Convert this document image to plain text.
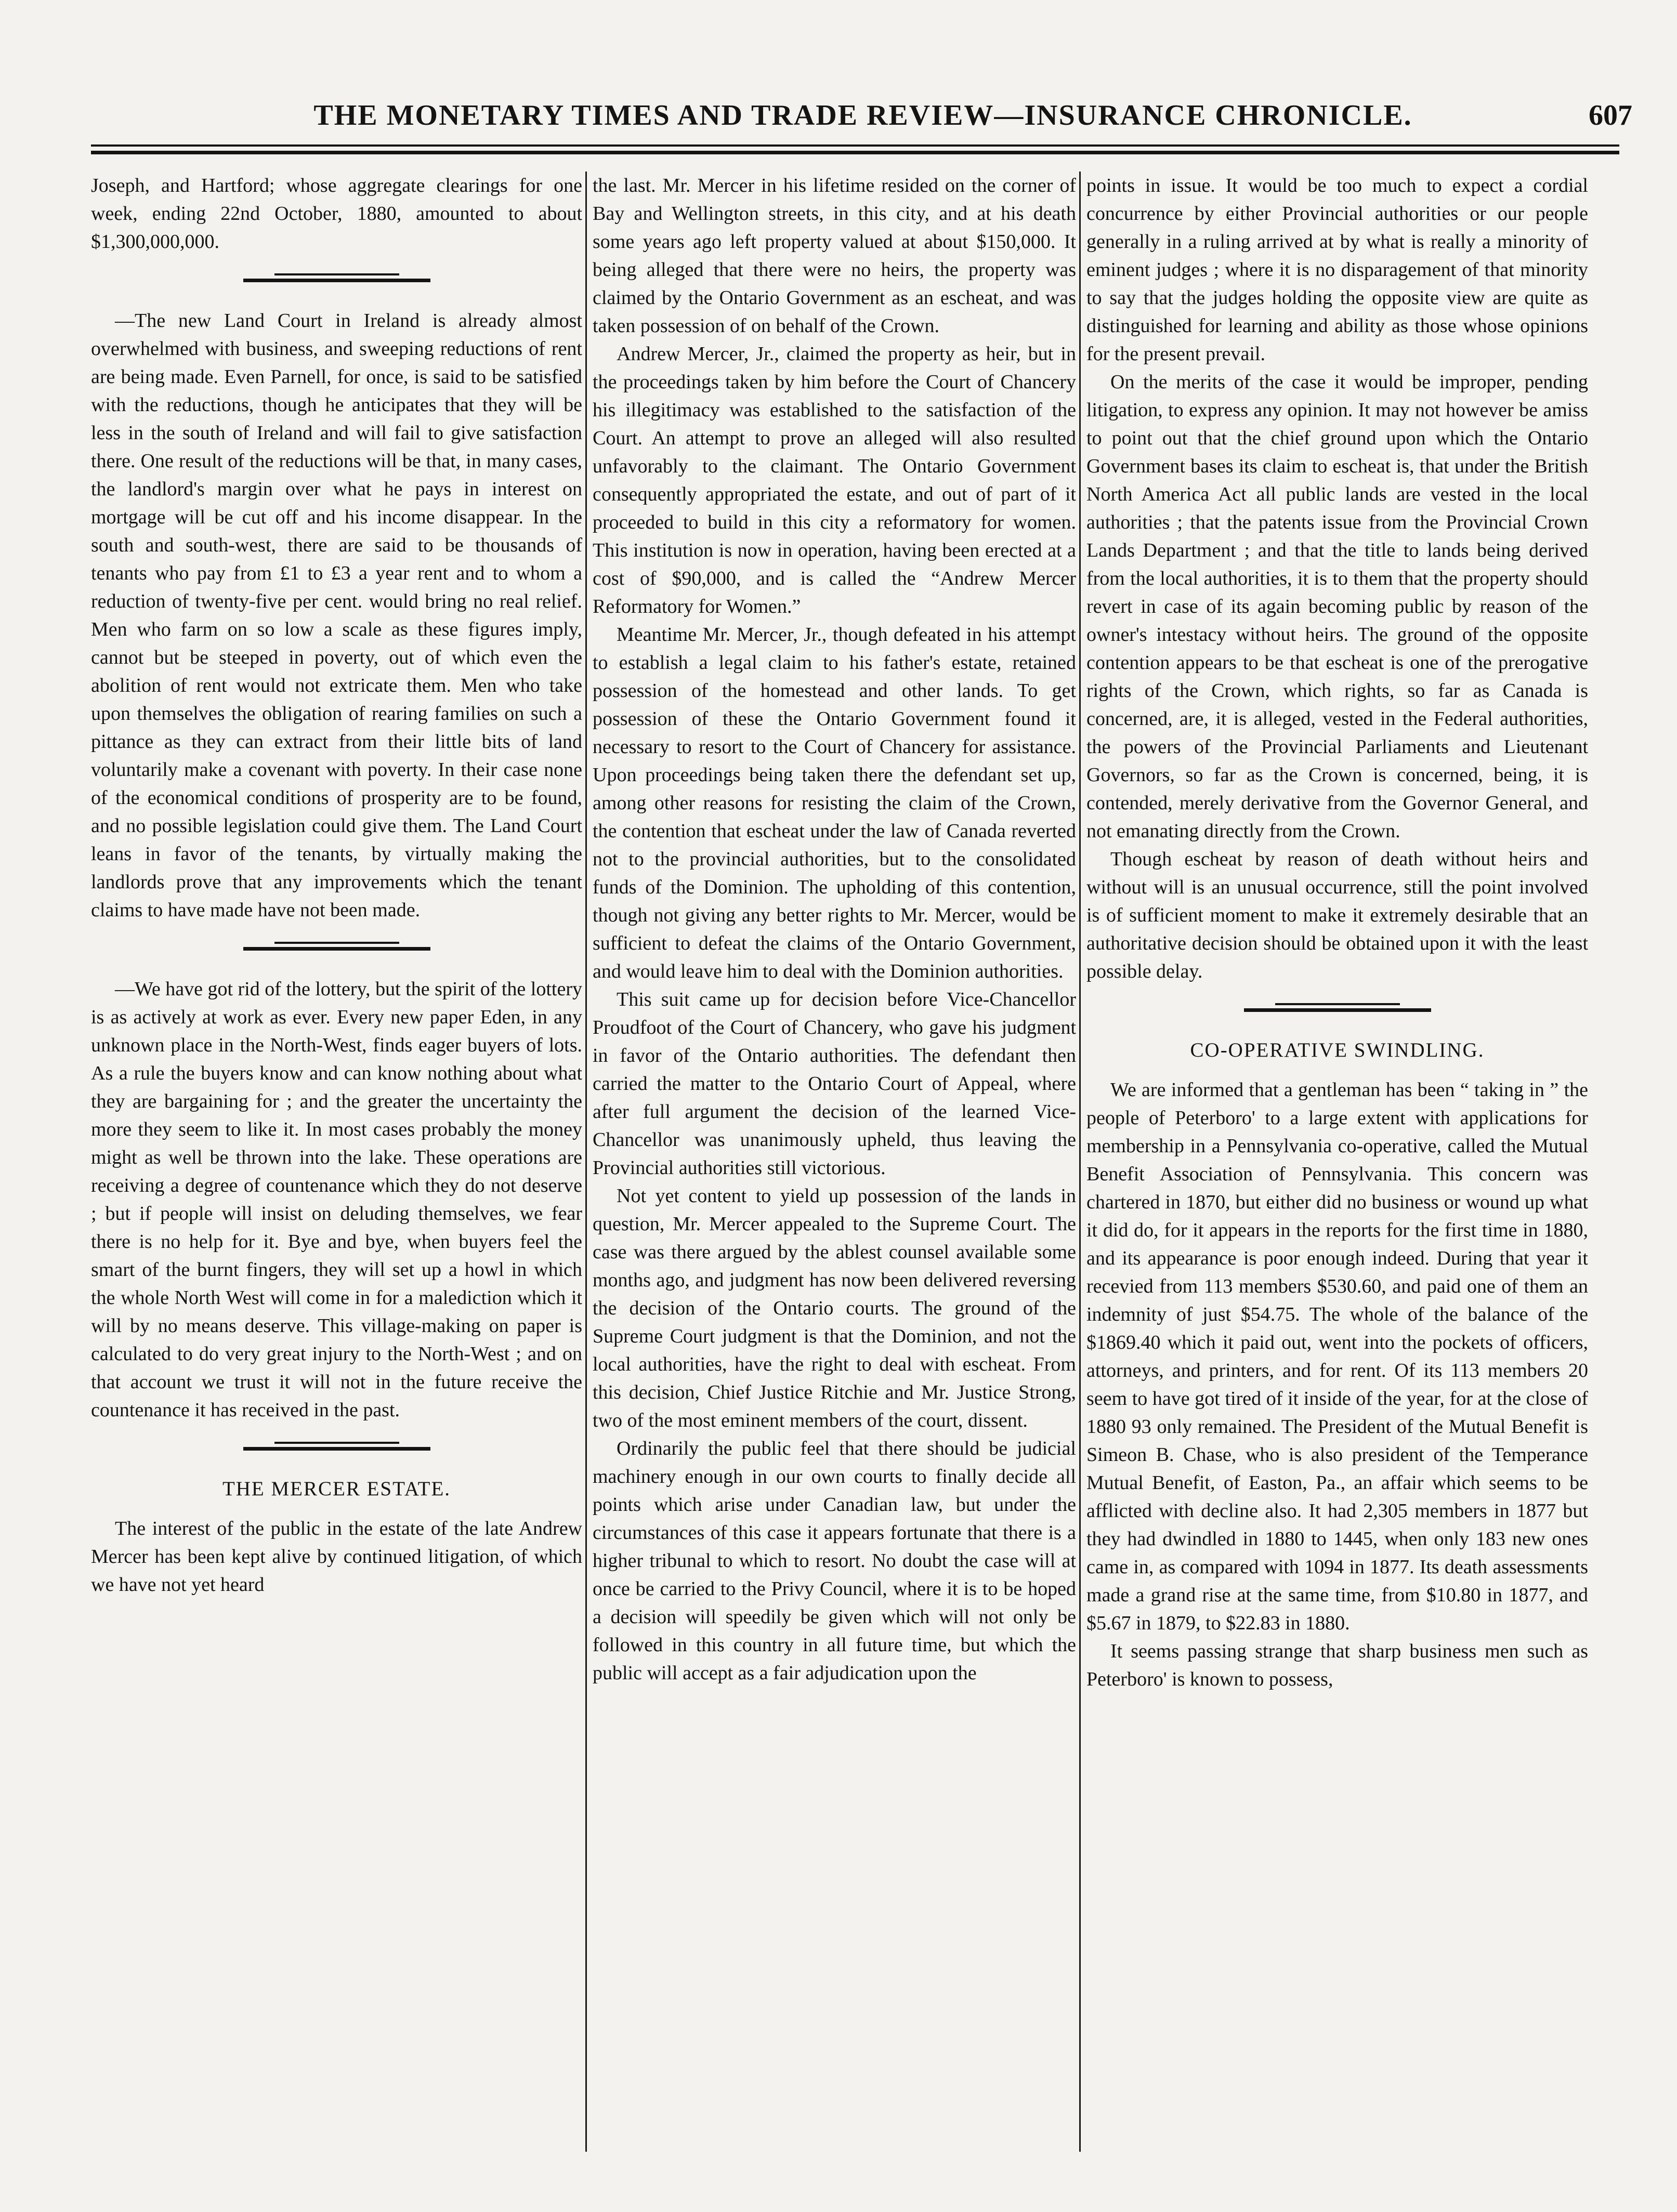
THE MONETARY TIMES AND TRADE REVIEW—INSURANCE CHRONICLE.	607

Joseph, and Hartford; whose aggregate clearings for one week, ending 22nd October, 1880, amounted to about $1,300,000,000.

—The new Land Court in Ireland is already almost overwhelmed with business, and sweeping reductions of rent are being made. Even Parnell, for once, is said to be satisfied with the reductions, though he anticipates that they will be less in the south of Ireland and will fail to give satisfaction there. One result of the reductions will be that, in many cases, the landlord's margin over what he pays in interest on mortgage will be cut off and his income disappear. In the south and south-west, there are said to be thousands of tenants who pay from £1 to £3 a year rent and to whom a reduction of twenty-five per cent. would bring no real relief. Men who farm on so low a scale as these figures imply, cannot but be steeped in poverty, out of which even the abolition of rent would not extricate them. Men who take upon themselves the obligation of rearing families on such a pittance as they can extract from their little bits of land voluntarily make a covenant with poverty. In their case none of the economical conditions of prosperity are to be found, and no possible legislation could give them. The Land Court leans in favor of the tenants, by virtually making the landlords prove that any improvements which the tenant claims to have made have not been made.

—We have got rid of the lottery, but the spirit of the lottery is as actively at work as ever. Every new paper Eden, in any unknown place in the North-West, finds eager buyers of lots. As a rule the buyers know and can know nothing about what they are bargaining for ; and the greater the uncertainty the more they seem to like it. In most cases probably the money might as well be thrown into the lake. These operations are receiving a degree of countenance which they do not deserve ; but if people will insist on deluding themselves, we fear there is no help for it. Bye and bye, when buyers feel the smart of the burnt fingers, they will set up a howl in which the whole North West will come in for a malediction which it will by no means deserve. This village-making on paper is calculated to do very great injury to the North-West ; and on that account we trust it will not in the future receive the countenance it has received in the past.

THE MERCER ESTATE.

The interest of the public in the estate of the late Andrew Mercer has been kept alive by continued litigation, of which we have not yet heard

the last. Mr. Mercer in his lifetime resided on the corner of Bay and Wellington streets, in this city, and at his death some years ago left property valued at about $150,000. It being alleged that there were no heirs, the property was claimed by the Ontario Government as an escheat, and was taken possession of on behalf of the Crown.

Andrew Mercer, Jr., claimed the property as heir, but in the proceedings taken by him before the Court of Chancery his illegitimacy was established to the satisfaction of the Court. An attempt to prove an alleged will also resulted unfavorably to the claimant. The Ontario Government consequently appropriated the estate, and out of part of it proceeded to build in this city a reformatory for women. This institution is now in operation, having been erected at a cost of $90,000, and is called the “Andrew Mercer Reformatory for Women.”

Meantime Mr. Mercer, Jr., though defeated in his attempt to establish a legal claim to his father's estate, retained possession of the homestead and other lands. To get possession of these the Ontario Government found it necessary to resort to the Court of Chancery for assistance. Upon proceedings being taken there the defendant set up, among other reasons for resisting the claim of the Crown, the contention that escheat under the law of Canada reverted not to the provincial authorities, but to the consolidated funds of the Dominion. The upholding of this contention, though not giving any better rights to Mr. Mercer, would be sufficient to defeat the claims of the Ontario Government, and would leave him to deal with the Dominion authorities.

This suit came up for decision before Vice-Chancellor Proudfoot of the Court of Chancery, who gave his judgment in favor of the Ontario authorities. The defendant then carried the matter to the Ontario Court of Appeal, where after full argument the decision of the learned Vice-Chancellor was unanimously upheld, thus leaving the Provincial authorities still victorious.

Not yet content to yield up possession of the lands in question, Mr. Mercer appealed to the Supreme Court. The case was there argued by the ablest counsel available some months ago, and judgment has now been delivered reversing the decision of the Ontario courts. The ground of the Supreme Court judgment is that the Dominion, and not the local authorities, have the right to deal with escheat. From this decision, Chief Justice Ritchie and Mr. Justice Strong, two of the most eminent members of the court, dissent.

Ordinarily the public feel that there should be judicial machinery enough in our own courts to finally decide all points which arise under Canadian law, but under the circumstances of this case it appears fortunate that there is a higher tribunal to which to resort. No doubt the case will at once be carried to the Privy Council, where it is to be hoped a decision will speedily be given which will not only be followed in this country in all future time, but which the public will accept as a fair adjudication upon the

points in issue. It would be too much to expect a cordial concurrence by either Provincial authorities or our people generally in a ruling arrived at by what is really a minority of eminent judges ; where it is no disparagement of that minority to say that the judges holding the opposite view are quite as distinguished for learning and ability as those whose opinions for the present prevail.

On the merits of the case it would be improper, pending litigation, to express any opinion. It may not however be amiss to point out that the chief ground upon which the Ontario Government bases its claim to escheat is, that under the British North America Act all public lands are vested in the local authorities ; that the patents issue from the Provincial Crown Lands Department ; and that the title to lands being derived from the local authorities, it is to them that the property should revert in case of its again becoming public by reason of the owner's intestacy without heirs. The ground of the opposite contention appears to be that escheat is one of the prerogative rights of the Crown, which rights, so far as Canada is concerned, are, it is alleged, vested in the Federal authorities, the powers of the Provincial Parliaments and Lieutenant Governors, so far as the Crown is concerned, being, it is contended, merely derivative from the Governor General, and not emanating directly from the Crown.

Though escheat by reason of death without heirs and without will is an unusual occurrence, still the point involved is of sufficient moment to make it extremely desirable that an authoritative decision should be obtained upon it with the least possible delay.

CO-OPERATIVE SWINDLING.

We are informed that a gentleman has been “ taking in ” the people of Peterboro' to a large extent with applications for membership in a Pennsylvania co-operative, called the Mutual Benefit Association of Pennsylvania. This concern was chartered in 1870, but either did no business or wound up what it did do, for it appears in the reports for the first time in 1880, and its appearance is poor enough indeed. During that year it recevied from 113 members $530.60, and paid one of them an indemnity of just $54.75. The whole of the balance of the $1869.40 which it paid out, went into the pockets of officers, attorneys, and printers, and for rent. Of its 113 members 20 seem to have got tired of it inside of the year, for at the close of 1880 93 only remained. The President of the Mutual Benefit is Simeon B. Chase, who is also president of the Temperance Mutual Benefit, of Easton, Pa., an affair which seems to be afflicted with decline also. It had 2,305 members in 1877 but they had dwindled in 1880 to 1445, when only 183 new ones came in, as compared with 1094 in 1877. Its death assessments made a grand rise at the same time, from $10.80 in 1877, and $5.67 in 1879, to $22.83 in 1880.

It seems passing strange that sharp business men such as Peterboro' is known to possess,
